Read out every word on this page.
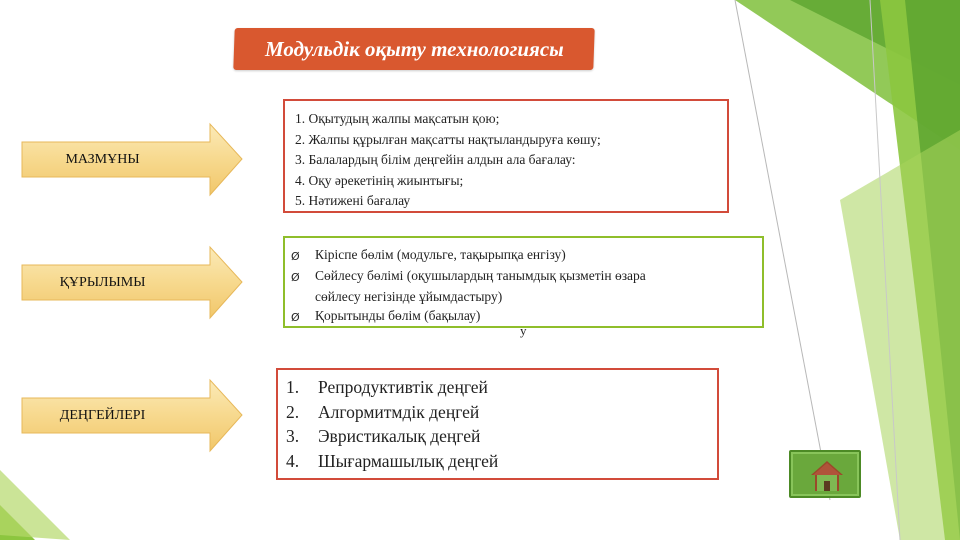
Модульдік оқыту технологиясы
МАЗМҰНЫ
1. Оқытудың жалпы мақсатын қою;
2. Жалпы құрылған мақсатты нақтыландыруға көшу;
3. Балалардың білім деңгейін алдын ала бағалау:
4. Оқу әрекетінің жиынтығы;
5. Нәтижені бағалау
ҚҰРЫЛЫМЫ
Ø	Кіріспе бөлім (модульге, тақырыпқа енгізу)
Ø	Сөйлесу бөлімі (оқушылардың танымдық қызметін өзара
сөйлесу негізінде ұйымдастыру)
Ø	Қорытынды бөлім (бақылау)
у
ДЕҢГЕЙЛЕРІ
1.	Репродуктивтік деңгей
2.	Алгормитмдік деңгей
3.	Эвристикалық деңгей
4.	Шығармашылық деңгей
